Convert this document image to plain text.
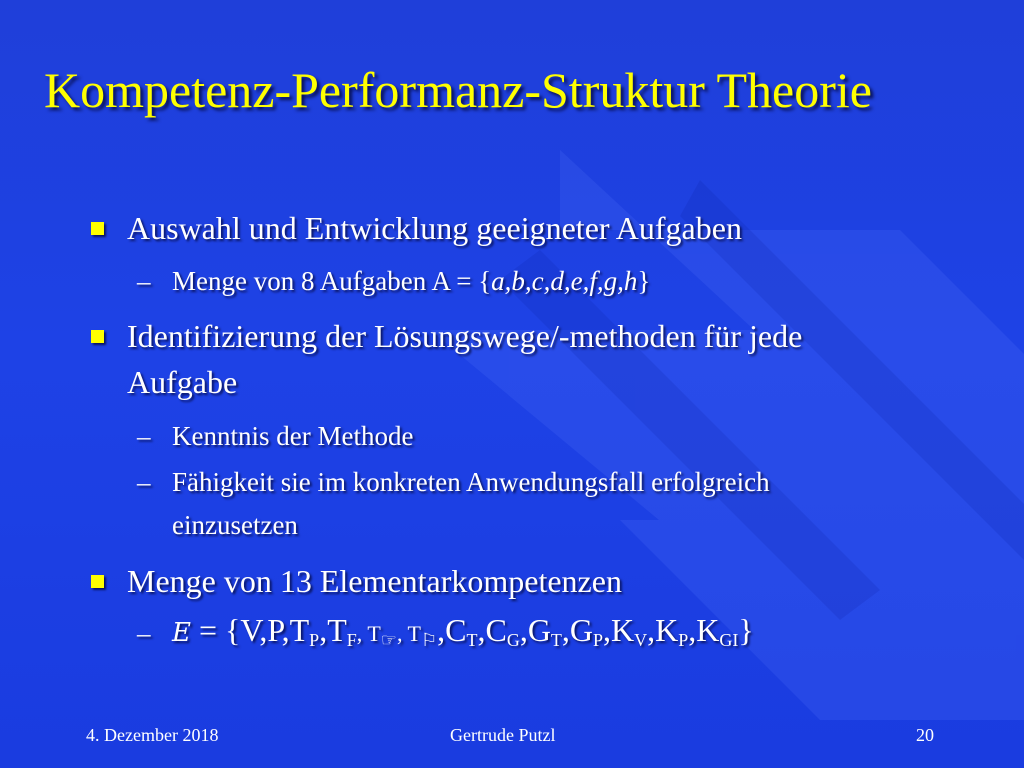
Kompetenz-Performanz-Struktur Theorie
Auswahl und Entwicklung geeigneter Aufgaben
– Menge von 8 Aufgaben A = {a,b,c,d,e,f,g,h}
Identifizierung der Lösungswege/-methoden für jede
Aufgabe
– Kenntnis der Methode
– Fähigkeit sie im konkreten Anwendungsfall erfolgreich
einzusetzen
Menge von 13 Elementarkompetenzen
– $E = \{V,P,T_P,T_F$, $T_☞$, $T_⚐,C_T,C_G,G_T,G_P,K_V,K_P,K_{GI}$}
4. Dezember 2018	Gertrude Putzl	20
